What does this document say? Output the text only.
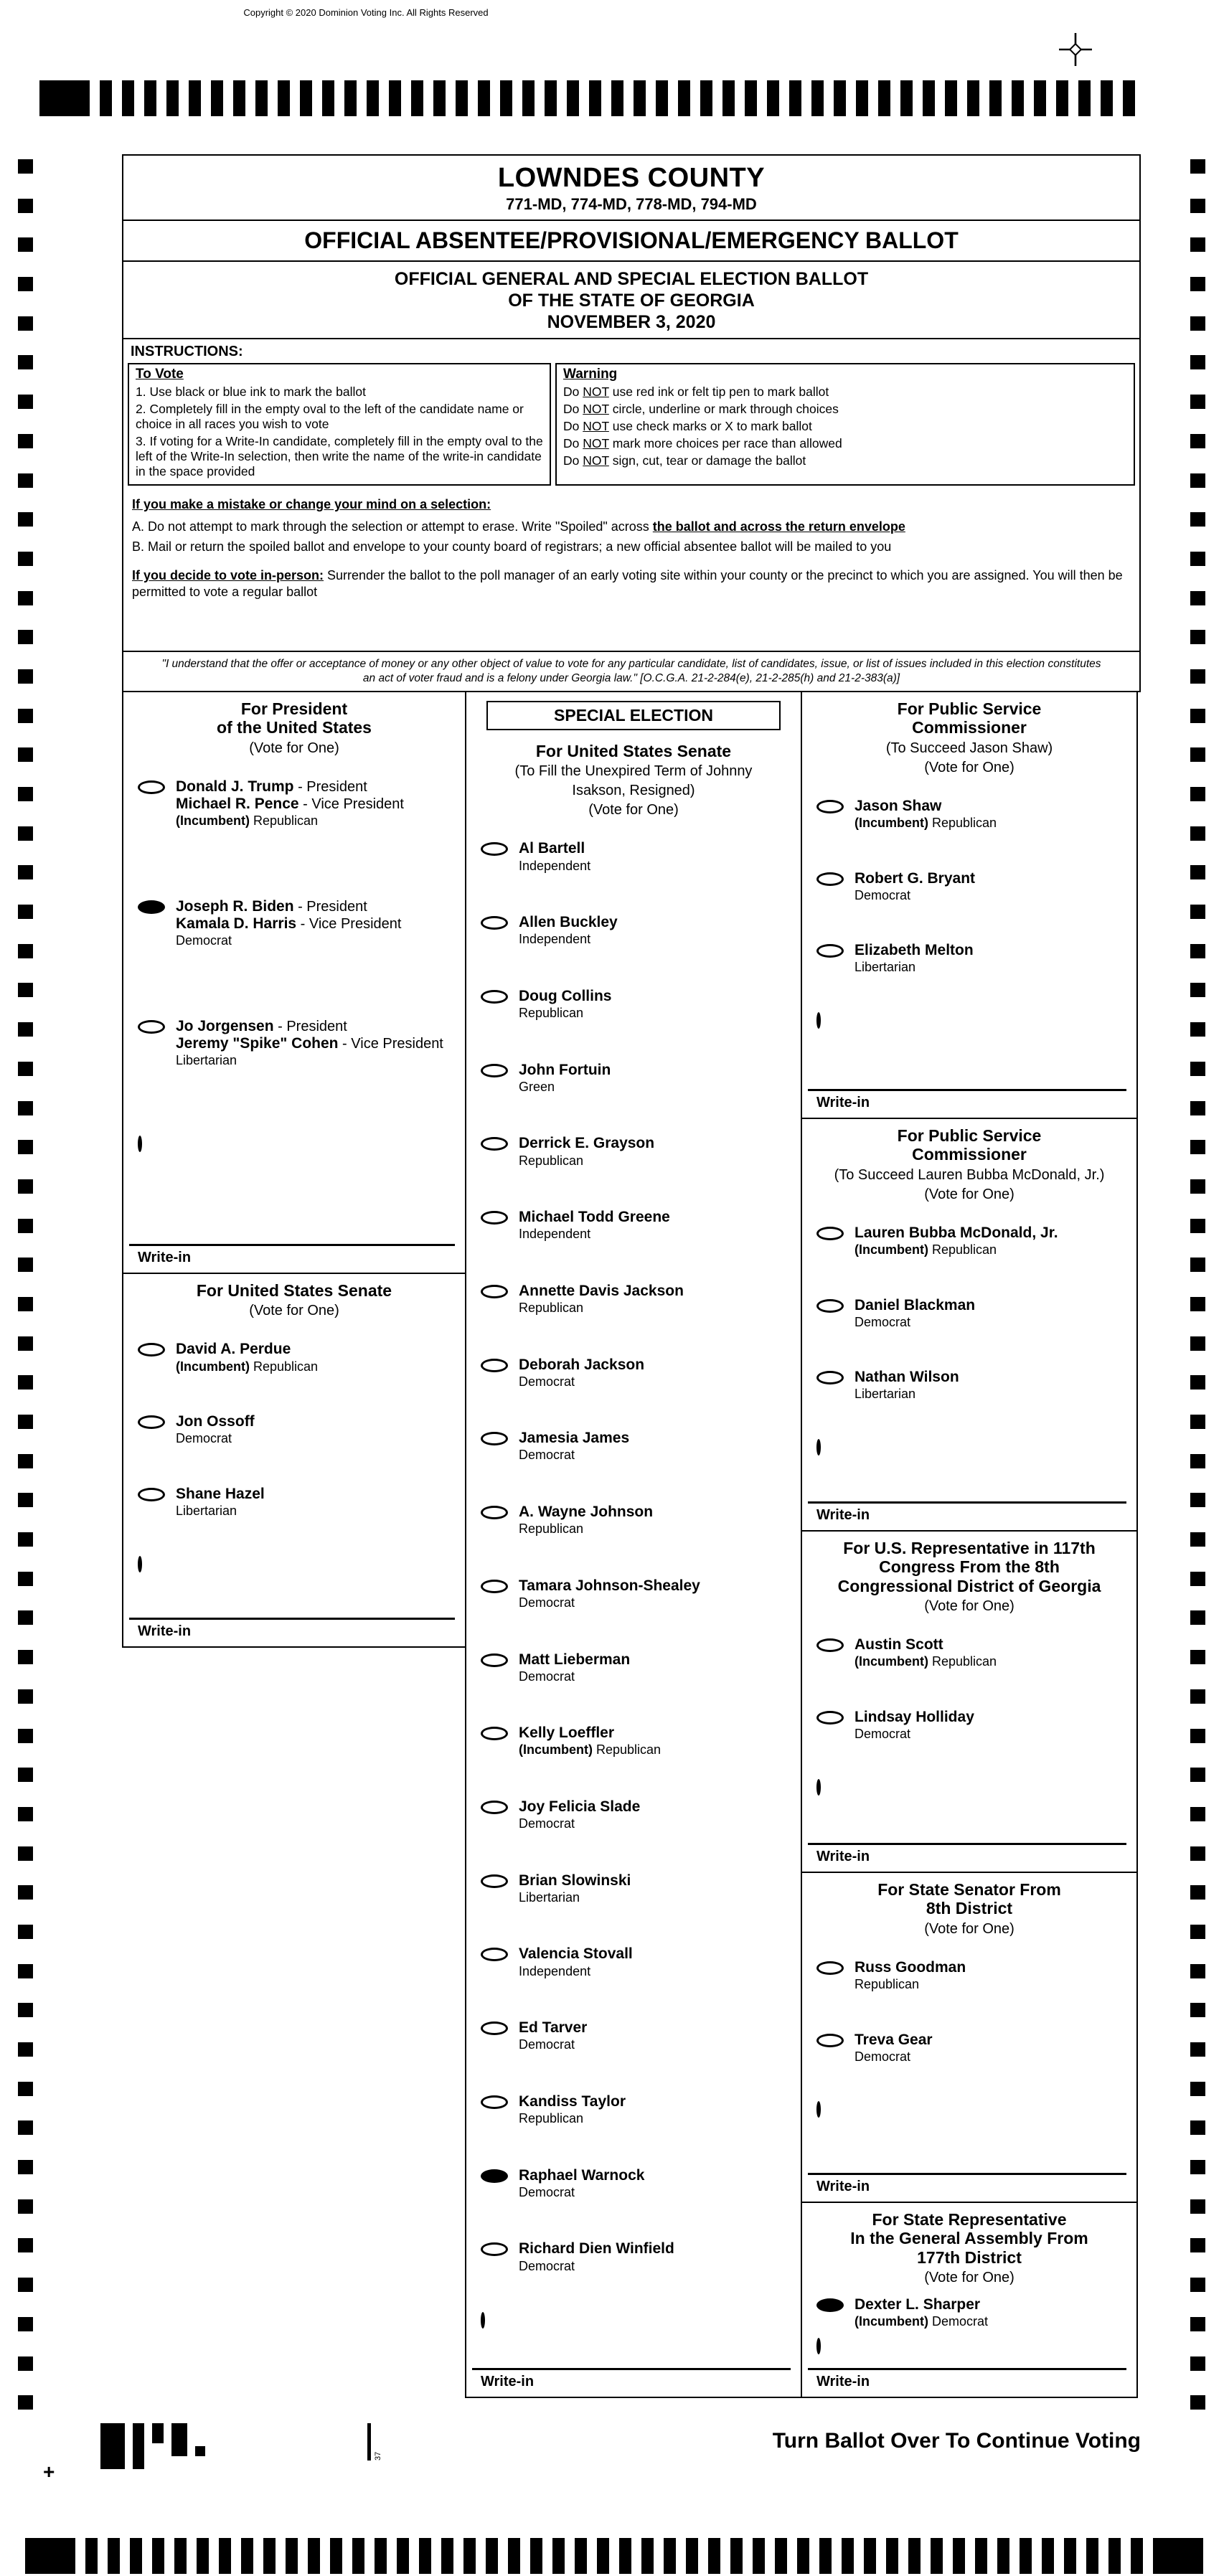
Copyright © 2020 Dominion Voting Inc. All Rights Reserved
LOWNDES COUNTY
771-MD, 774-MD, 778-MD, 794-MD
OFFICIAL ABSENTEE/PROVISIONAL/EMERGENCY BALLOT
OFFICIAL GENERAL AND SPECIAL ELECTION BALLOT
OF THE STATE OF GEORGIA
NOVEMBER 3, 2020
INSTRUCTIONS:
To Vote
1. Use black or blue ink to mark the ballot
2. Completely fill in the empty oval to the left of the candidate name or choice in all races you wish to vote
3. If voting for a Write-In candidate, completely fill in the empty oval to the left of the Write-In selection, then write the name of the write-in candidate in the space provided
Warning
Do NOT use red ink or felt tip pen to mark ballot
Do NOT circle, underline or mark through choices
Do NOT use check marks or X to mark ballot
Do NOT mark more choices per race than allowed
Do NOT sign, cut, tear or damage the ballot
If you make a mistake or change your mind on a selection:
A. Do not attempt to mark through the selection or attempt to erase. Write "Spoiled" across the ballot and across the return envelope
B. Mail or return the spoiled ballot and envelope to your county board of registrars; a new official absentee ballot will be mailed to you
If you decide to vote in-person: Surrender the ballot to the poll manager of an early voting site within your county or the precinct to which you are assigned. You will then be permitted to vote a regular ballot
"I understand that the offer or acceptance of money or any other object of value to vote for any particular candidate, list of candidates, issue, or list of issues included in this election constitutes an act of voter fraud and is a felony under Georgia law." [O.C.G.A. 21-2-284(e), 21-2-285(h) and 21-2-383(a)]
For President
of the United States
(Vote for One)
Donald J. Trump - President
Michael R. Pence - Vice President
(Incumbent) Republican
Joseph R. Biden - President
Kamala D. Harris - Vice President
Democrat
Jo Jorgensen - President
Jeremy "Spike" Cohen - Vice President
Libertarian
Write-in
For United States Senate
(Vote for One)
David A. Perdue
(Incumbent) Republican
Jon Ossoff
Democrat
Shane Hazel
Libertarian
Write-in
SPECIAL ELECTION
For United States Senate
(To Fill the Unexpired Term of Johnny
Isakson, Resigned)
(Vote for One)
Al Bartell
Independent
Allen Buckley
Independent
Doug Collins
Republican
John Fortuin
Green
Derrick E. Grayson
Republican
Michael Todd Greene
Independent
Annette Davis Jackson
Republican
Deborah Jackson
Democrat
Jamesia James
Democrat
A. Wayne Johnson
Republican
Tamara Johnson-Shealey
Democrat
Matt Lieberman
Democrat
Kelly Loeffler
(Incumbent) Republican
Joy Felicia Slade
Democrat
Brian Slowinski
Libertarian
Valencia Stovall
Independent
Ed Tarver
Democrat
Kandiss Taylor
Republican
Raphael Warnock
Democrat
Richard Dien Winfield
Democrat
Write-in
For Public Service
Commissioner
(To Succeed Jason Shaw)
(Vote for One)
Jason Shaw
(Incumbent) Republican
Robert G. Bryant
Democrat
Elizabeth Melton
Libertarian
Write-in
For Public Service
Commissioner
(To Succeed Lauren Bubba McDonald, Jr.)
(Vote for One)
Lauren Bubba McDonald, Jr.
(Incumbent) Republican
Daniel Blackman
Democrat
Nathan Wilson
Libertarian
Write-in
For U.S. Representative in 117th
Congress From the 8th
Congressional District of Georgia
(Vote for One)
Austin Scott
(Incumbent) Republican
Lindsay Holliday
Democrat
Write-in
For State Senator From
8th District
(Vote for One)
Russ Goodman
Republican
Treva Gear
Democrat
Write-in
For State Representative
In the General Assembly From
177th District
(Vote for One)
Dexter L. Sharper
(Incumbent) Democrat
Write-in
37
+
Turn Ballot Over To Continue Voting
